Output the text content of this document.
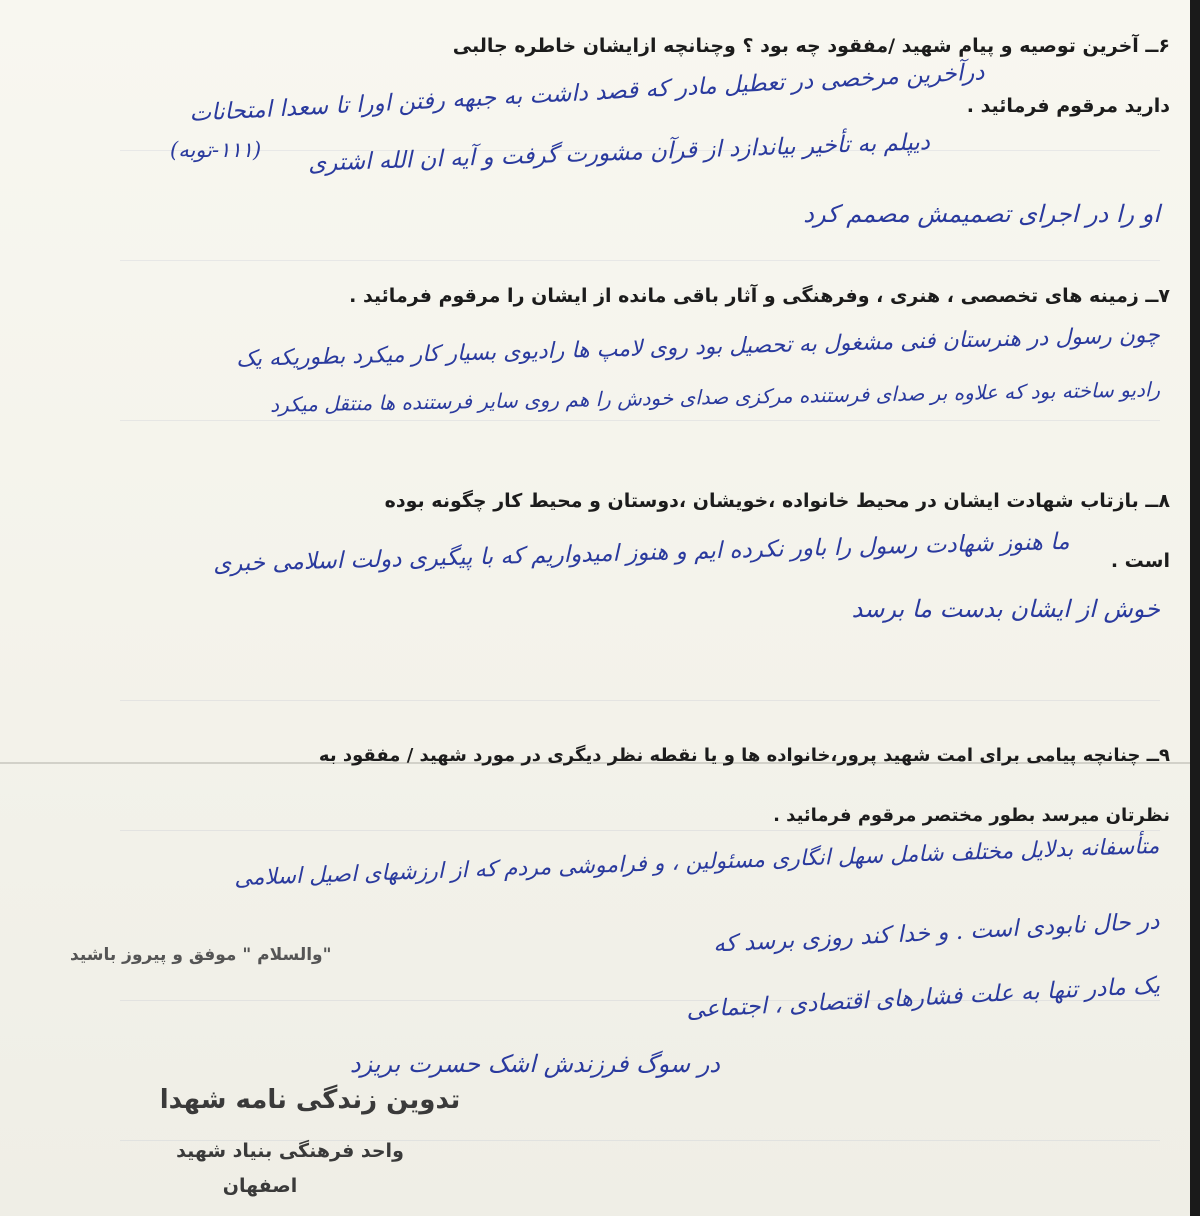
۶ــ آخرین توصیه و پیام شهید /مفقود چه بود ؟ وچنانچه ازایشان خاطره جالبی
دارید مرقوم فرمائید .
درآخرین مرخصی در تعطیل مادر که قصد داشت به جبهه رفتن اورا تا سعدا امتحانات
دیپلم به تأخیر بیاندازد از قرآن مشورت گرفت و آیه ان الله اشتری
(۱۱۱-توبه)
او را در اجرای تصمیمش مصمم کرد
۷ــ زمینه های تخصصی ، هنری ، وفرهنگی و آثار باقی مانده از ایشان را مرقوم فرمائید .
چون رسول در هنرستان فنی مشغول به تحصیل بود روی لامپ ها رادیوی بسیار کار میکرد بطوریکه یک
رادیو ساخته بود که علاوه بر صدای فرستنده مرکزی صدای خودش را هم روی سایر فرستنده ها منتقل میکرد
۸ــ بازتاب شهادت ایشان در محیط خانواده ،خویشان ،دوستان و محیط کار چگونه بوده
است .
ما هنوز شهادت رسول را باور نکرده ایم و هنوز امیدواریم که با پیگیری دولت اسلامی خبری
خوش از ایشان بدست ما برسد
۹ــ چنانچه پیامی برای امت شهید پرور،خانواده ها و یا نقطه نظر دیگری در مورد شهید / مفقود به
نظرتان میرسد بطور مختصر مرقوم فرمائید .
متأسفانه بدلایل مختلف شامل سهل انگاری مسئولین ، و فراموشی مردم که از ارزشهای اصیل اسلامی
"والسلام " موفق و پیروز باشید	در حال نابودی است . و خدا کند روزی برسد که
یک مادر تنها به علت فشارهای اقتصادی ، اجتماعی
در سوگ فرزندش اشک حسرت بریزد
تدوین زندگی نامه شهدا
واحد فرهنگی بنیاد شهید
اصفهان
